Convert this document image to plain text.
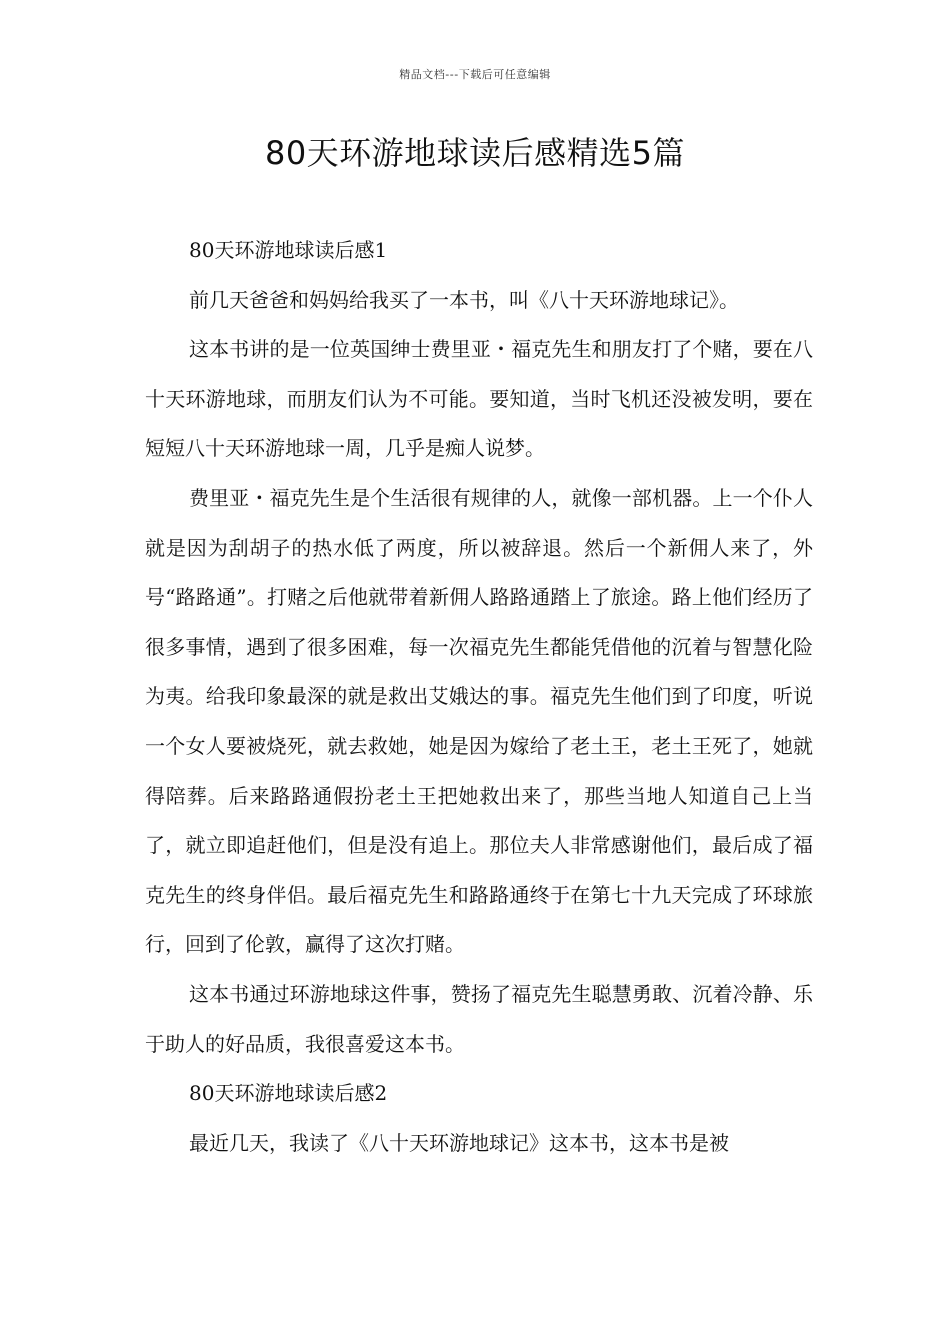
精品文档---下载后可任意编辑
80天环游地球读后感精选5篇

80天环游地球读后感1

前几天爸爸和妈妈给我买了一本书，叫《八十天环游地球记》。

这本书讲的是一位英国绅士费里亚・福克先生和朋友打了个赌，要在八十天环游地球，而朋友们认为不可能。要知道，当时飞机还没被发明，要在短短八十天环游地球一周，几乎是痴人说梦。

费里亚・福克先生是个生活很有规律的人，就像一部机器。上一个仆人就是因为刮胡子的热水低了两度，所以被辞退。然后一个新佣人来了，外号“路路通”。打赌之后他就带着新佣人路路通踏上了旅途。路上他们经历了很多事情，遇到了很多困难，每一次福克先生都能凭借他的沉着与智慧化险为夷。给我印象最深的就是救出艾娥达的事。福克先生他们到了印度，听说一个女人要被烧死，就去救她，她是因为嫁给了老土王，老土王死了，她就得陪葬。后来路路通假扮老土王把她救出来了，那些当地人知道自己上当了，就立即追赶他们，但是没有追上。那位夫人非常感谢他们，最后成了福克先生的终身伴侣。最后福克先生和路路通终于在第七十九天完成了环球旅行，回到了伦敦，赢得了这次打赌。

这本书通过环游地球这件事，赞扬了福克先生聪慧勇敢、沉着冷静、乐于助人的好品质，我很喜爱这本书。

80天环游地球读后感2

最近几天，我读了《八十天环游地球记》这本书，这本书是被
